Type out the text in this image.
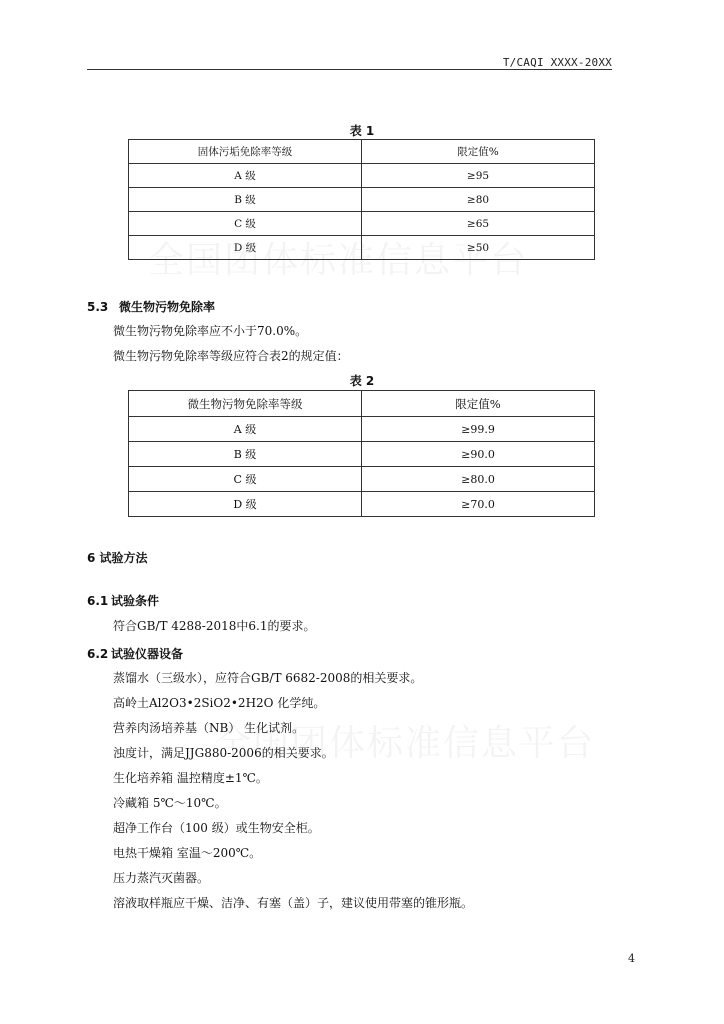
T/CAQI XXXX-20XX
表 1
固体污垢免除率等级	限定值%
A 级	≥95
B 级	≥80
C 级	≥65
D 级	≥50
5.3 微生物污物免除率
微生物污物免除率应不小于70.0%。
微生物污物免除率等级应符合表2的规定值：
表 2
微生物污物免除率等级	限定值%
A 级	≥99.9
B 级	≥90.0
C 级	≥80.0
D 级	≥70.0
6 试验方法
6.1 试验条件
符合GB/T 4288-2018中6.1的要求。
6.2 试验仪器设备
蒸馏水（三级水），应符合GB/T 6682-2008的相关要求。
高岭土Al2O3•2SiO2•2H2O 化学纯。
营养肉汤培养基（NB） 生化试剂。
浊度计，满足JJG880-2006的相关要求。
生化培养箱 温控精度±1℃。
冷藏箱 5℃～10℃。
超净工作台（100 级）或生物安全柜。
电热干燥箱 室温～200℃。
压力蒸汽灭菌器。
溶液取样瓶应干燥、洁净、有塞（盖）子，建议使用带塞的锥形瓶。
4
